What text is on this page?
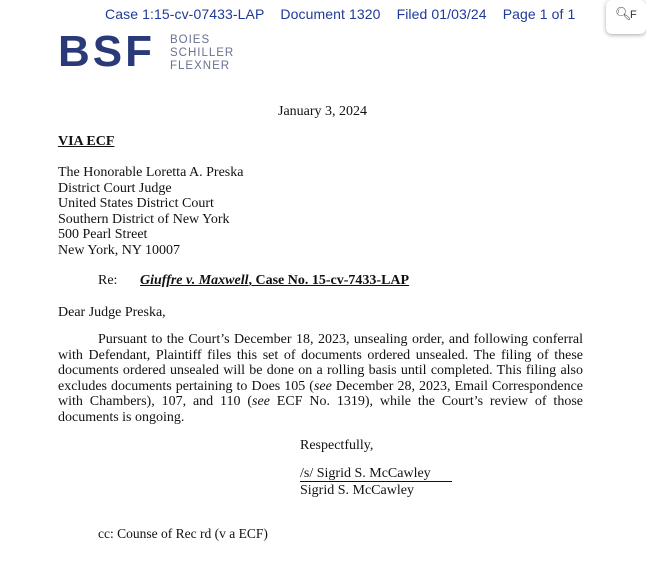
Case 1:15-cv-07433-LAP Document 1320 Filed 01/03/24 Page 1 of 1	🔍︎
F
BSF BOIES
SCHILLER
FLEXNER
January 3, 2024
VIA ECF
The Honorable Loretta A. Preska
District Court Judge
United States District Court
Southern District of New York
500 Pearl Street
New York, NY 10007
Re: Giuffre v. Maxwell, Case No. 15-cv-7433-LAP
Dear Judge Preska,
Pursuant to the Court’s December 18, 2023, unsealing order, and following conferral with Defendant, Plaintiff files this set of documents ordered unsealed. The filing of these documents ordered unsealed will be done on a rolling basis until completed. This filing also excludes documents pertaining to Does 105 (see December 28, 2023, Email Correspondence with Chambers), 107, and 110 (see ECF No. 1319), while the Court’s review of those documents is ongoing.
Respectfully,
/s/ Sigrid S. McCawley
Sigrid S. McCawley
cc: Counse of Rec rd (v a ECF)
